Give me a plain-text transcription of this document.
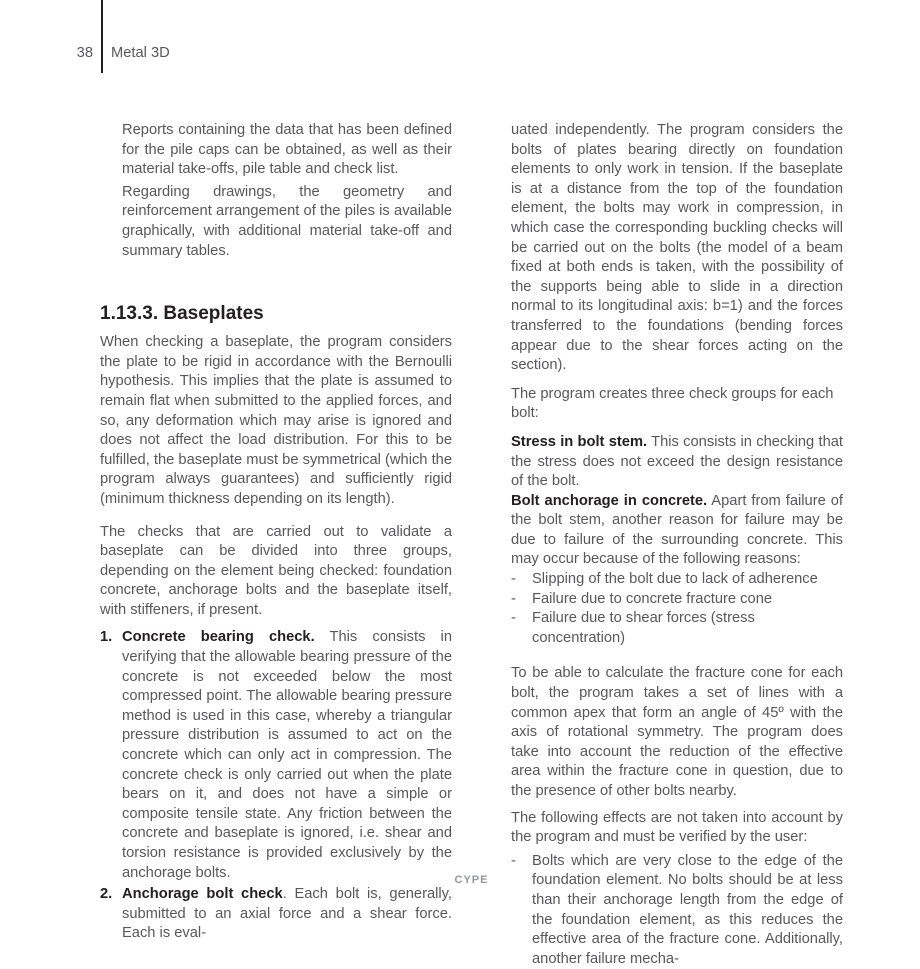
38 Metal 3D

Reports containing the data that has been defined for the pile caps can be obtained, as well as their material take-offs, pile table and check list.

Regarding drawings, the geometry and reinforcement arrangement of the piles is available graphically, with additional material take-off and summary tables.

1.13.3. Baseplates

When checking a baseplate, the program considers the plate to be rigid in accordance with the Bernoulli hypothesis. This implies that the plate is assumed to remain flat when submitted to the applied forces, and so, any deformation which may arise is ignored and does not affect the load distribution. For this to be fulfilled, the baseplate must be symmetrical (which the program always guarantees) and sufficiently rigid (minimum thickness depending on its length).

The checks that are carried out to validate a baseplate can be divided into three groups, depending on the element being checked: foundation concrete, anchorage bolts and the baseplate itself, with stiffeners, if present.

1. Concrete bearing check. This consists in verifying that the allowable bearing pressure of the concrete is not exceeded below the most compressed point. The allowable bearing pressure method is used in this case, whereby a triangular pressure distribution is assumed to act on the concrete which can only act in compression. The concrete check is only carried out when the plate bears on it, and does not have a simple or composite tensile state. Any friction between the concrete and baseplate is ignored, i.e. shear and torsion resistance is provided exclusively by the anchorage bolts.
2. Anchorage bolt check. Each bolt is, generally, submitted to an axial force and a shear force. Each is eval-

uated independently. The program considers the bolts of plates bearing directly on foundation elements to only work in tension. If the baseplate is at a distance from the top of the foundation element, the bolts may work in compression, in which case the corresponding buckling checks will be carried out on the bolts (the model of a beam fixed at both ends is taken, with the possibility of the supports being able to slide in a direction normal to its longitudinal axis: b=1) and the forces transferred to the foundations (bending forces appear due to the shear forces acting on the section).

The program creates three check groups for each bolt:

Stress in bolt stem. This consists in checking that the stress does not exceed the design resistance of the bolt.

Bolt anchorage in concrete. Apart from failure of the bolt stem, another reason for failure may be due to failure of the surrounding concrete. This may occur because of the following reasons:

- Slipping of the bolt due to lack of adherence
- Failure due to concrete fracture cone
- Failure due to shear forces (stress concentration)

To be able to calculate the fracture cone for each bolt, the program takes a set of lines with a common apex that form an angle of 45º with the axis of rotational symmetry. The program does take into account the reduction of the effective area within the fracture cone in question, due to the presence of other bolts nearby.

The following effects are not taken into account by the program and must be verified by the user:

- Bolts which are very close to the edge of the foundation element. No bolts should be at less than their anchorage length from the edge of the foundation element, as this reduces the effective area of the fracture cone. Additionally, another failure mecha-
CYPE
